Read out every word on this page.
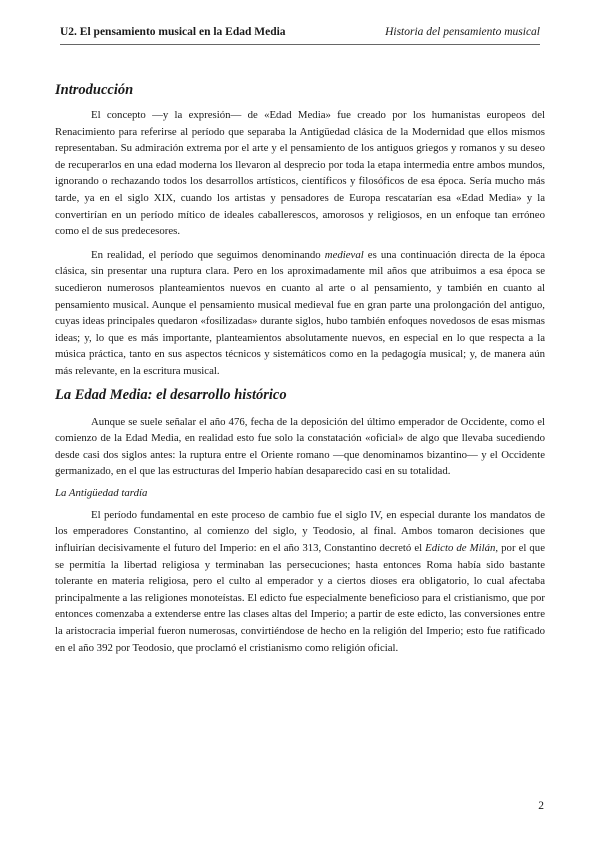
U2. El pensamiento musical en la Edad Media	Historia del pensamiento musical
Introducción

El concepto —y la expresión— de «Edad Media» fue creado por los humanistas europeos del Renacimiento para referirse al período que separaba la Antigüedad clásica de la Modernidad que ellos mismos representaban. Su admiración extrema por el arte y el pensamiento de los antiguos griegos y romanos y su deseo de recuperarlos en una edad moderna los llevaron al desprecio por toda la etapa intermedia entre ambos mundos, ignorando o rechazando todos los desarrollos artísticos, científicos y filosóficos de esa época. Sería mucho más tarde, ya en el siglo XIX, cuando los artistas y pensadores de Europa rescatarían esa «Edad Media» y la convertirían en un período mítico de ideales caballerescos, amorosos y religiosos, en un enfoque tan erróneo como el de sus predecesores.

En realidad, el período que seguimos denominando medieval es una continuación directa de la época clásica, sin presentar una ruptura clara. Pero en los aproximadamente mil años que atribuimos a esa época se sucedieron numerosos planteamientos nuevos en cuanto al arte o al pensamiento, y también en cuanto al pensamiento musical. Aunque el pensamiento musical medieval fue en gran parte una prolongación del antiguo, cuyas ideas principales quedaron «fosilizadas» durante siglos, hubo también enfoques novedosos de esas mismas ideas; y, lo que es más importante, planteamientos absolutamente nuevos, en especial en lo que respecta a la música práctica, tanto en sus aspectos técnicos y sistemáticos como en la pedagogía musical; y, de manera aún más relevante, en la escritura musical.

La Edad Media: el desarrollo histórico

Aunque se suele señalar el año 476, fecha de la deposición del último emperador de Occidente, como el comienzo de la Edad Media, en realidad esto fue solo la constatación «oficial» de algo que llevaba sucediendo desde casi dos siglos antes: la ruptura entre el Oriente romano —que denominamos bizantino— y el Occidente germanizado, en el que las estructuras del Imperio habían desaparecido casi en su totalidad.

La Antigüedad tardía

El período fundamental en este proceso de cambio fue el siglo IV, en especial durante los mandatos de los emperadores Constantino, al comienzo del siglo, y Teodosio, al final. Ambos tomaron decisiones que influirían decisivamente el futuro del Imperio: en el año 313, Constantino decretó el Edicto de Milán, por el que se permitía la libertad religiosa y terminaban las persecuciones; hasta entonces Roma había sido bastante tolerante en materia religiosa, pero el culto al emperador y a ciertos dioses era obligatorio, lo cual afectaba principalmente a las religiones monoteístas. El edicto fue especialmente beneficioso para el cristianismo, que por entonces comenzaba a extenderse entre las clases altas del Imperio; a partir de este edicto, las conversiones entre la aristocracia imperial fueron numerosas, convirtiéndose de hecho en la religión del Imperio; esto fue ratificado en el año 392 por Teodosio, que proclamó el cristianismo como religión oficial.

2
